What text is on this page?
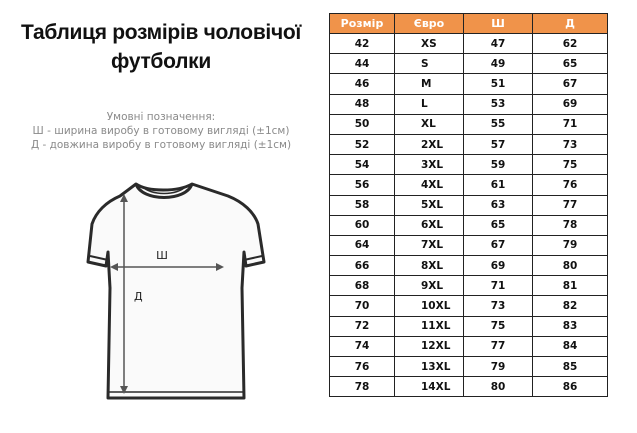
Таблиця розмірів чоловічої
футболки
Умовні позначення:
Ш - ширина виробу в готовому вигляді (±1см)
Д - довжина виробу в готовому вигляді (±1см)
Ш
Д
Розмір	Євро	Ш	Д
42	XS	47	62
44	S	49	65
46	M	51	67
48	L	53	69
50	XL	55	71
52	2XL	57	73
54	3XL	59	75
56	4XL	61	76
58	5XL	63	77
60	6XL	65	78
64	7XL	67	79
66	8XL	69	80
68	9XL	71	81
70	10XL	73	82
72	11XL	75	83
74	12XL	77	84
76	13XL	79	85
78	14XL	80	86
